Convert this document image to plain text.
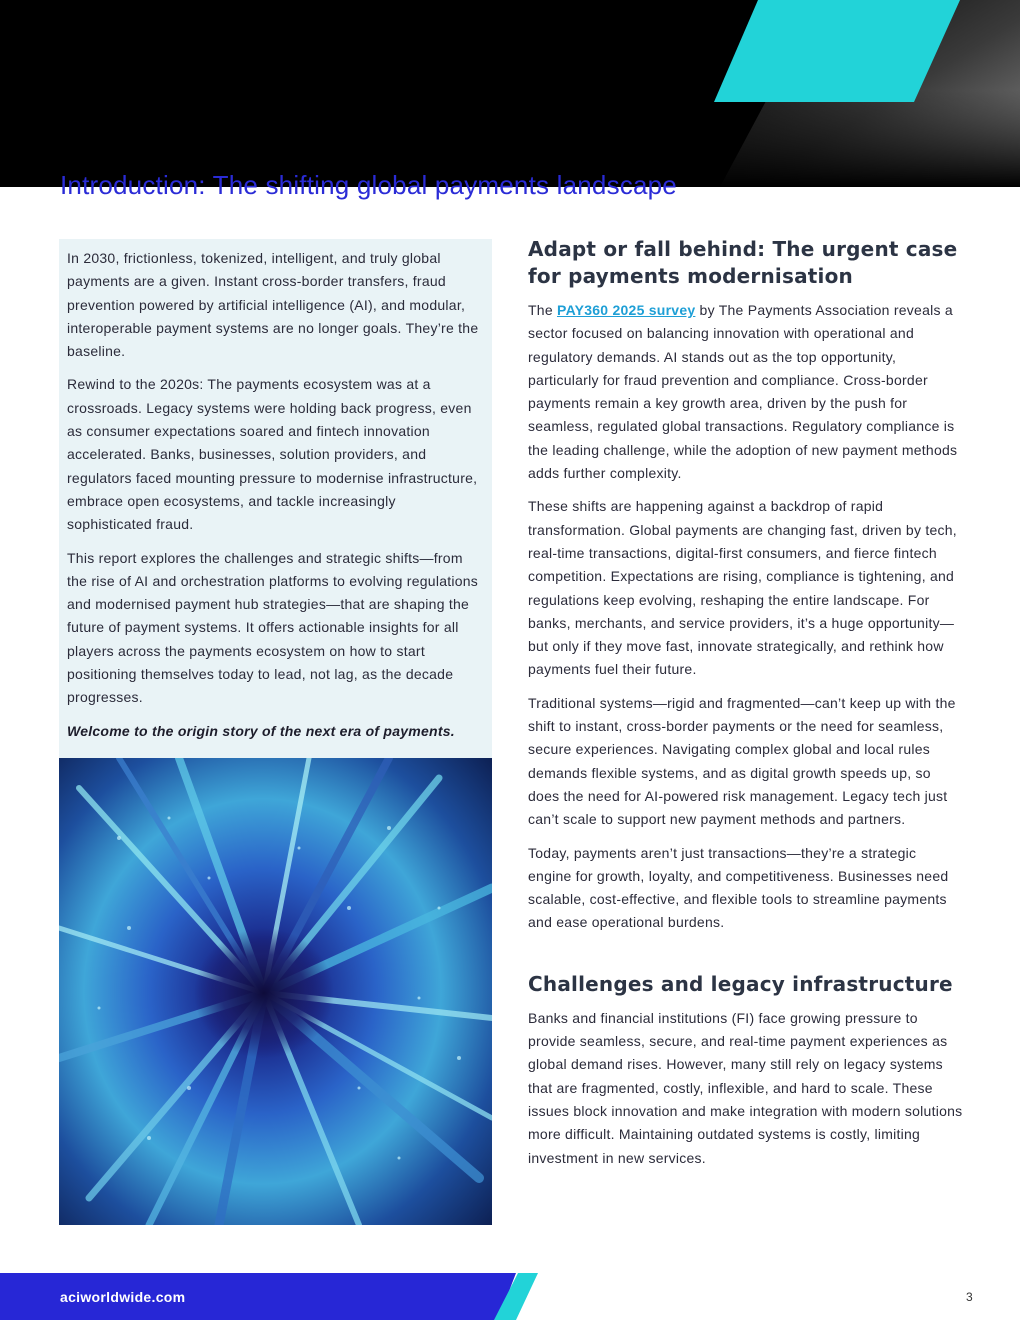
Introduction: The shifting global payments landscape

In 2030, frictionless, tokenized, intelligent, and truly global payments are a given. Instant cross-border transfers, fraud prevention powered by artificial intelligence (AI), and modular, interoperable payment systems are no longer goals. They’re the baseline.

Rewind to the 2020s: The payments ecosystem was at a crossroads. Legacy systems were holding back progress, even as consumer expectations soared and fintech innovation accelerated. Banks, businesses, solution providers, and regulators faced mounting pressure to modernise infrastructure, embrace open ecosystems, and tackle increasingly sophisticated fraud.

This report explores the challenges and strategic shifts—from the rise of AI and orchestration platforms to evolving regulations and modernised payment hub strategies—that are shaping the future of payment systems. It offers actionable insights for all players across the payments ecosystem on how to start positioning themselves today to lead, not lag, as the decade progresses.

Welcome to the origin story of the next era of payments.

Adapt or fall behind: The urgent case for payments modernisation

The PAY360 2025 survey by The Payments Association reveals a sector focused on balancing innovation with operational and regulatory demands. AI stands out as the top opportunity, particularly for fraud prevention and compliance. Cross-border payments remain a key growth area, driven by the push for seamless, regulated global transactions. Regulatory compliance is the leading challenge, while the adoption of new payment methods adds further complexity.

These shifts are happening against a backdrop of rapid transformation. Global payments are changing fast, driven by tech, real-time transactions, digital-first consumers, and fierce fintech competition. Expectations are rising, compliance is tightening, and regulations keep evolving, reshaping the entire landscape. For banks, merchants, and service providers, it’s a huge opportunity—but only if they move fast, innovate strategically, and rethink how payments fuel their future.

Traditional systems—rigid and fragmented—can’t keep up with the shift to instant, cross-border payments or the need for seamless, secure experiences. Navigating complex global and local rules demands flexible systems, and as digital growth speeds up, so does the need for AI-powered risk management. Legacy tech just can’t scale to support new payment methods and partners.

Today, payments aren’t just transactions—they’re a strategic engine for growth, loyalty, and competitiveness. Businesses need scalable, cost-effective, and flexible tools to streamline payments and ease operational burdens.

Challenges and legacy infrastructure

Banks and financial institutions (FI) face growing pressure to provide seamless, secure, and real-time payment experiences as global demand rises. However, many still rely on legacy systems that are fragmented, costly, inflexible, and hard to scale. These issues block innovation and make integration with modern solutions more difficult. Maintaining outdated systems is costly, limiting investment in new services.

aciworldwide.com	3
